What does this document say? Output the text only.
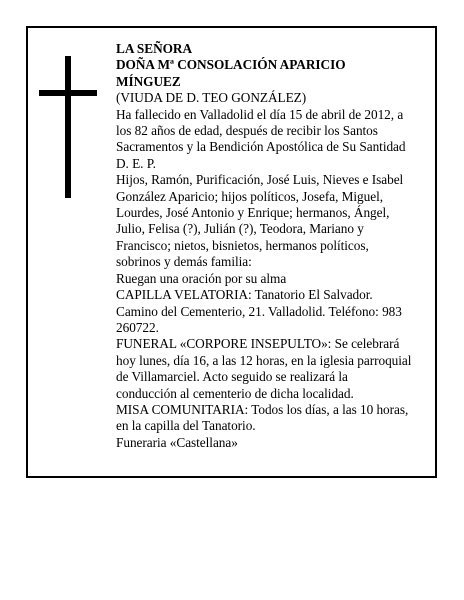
LA SEÑORA
DOÑA Mª CONSOLACIÓN APARICIO
MÍNGUEZ
(VIUDA DE D. TEO GONZÁLEZ)
Ha fallecido en Valladolid el día 15 de abril de 2012, a
los 82 años de edad, después de recibir los Santos
Sacramentos y la Bendición Apostólica de Su Santidad
D. E. P.
Hijos, Ramón, Purificación, José Luis, Nieves e Isabel
González Aparicio; hijos políticos, Josefa, Miguel,
Lourdes, José Antonio y Enrique; hermanos, Ángel,
Julio, Felisa (?), Julián (?), Teodora, Mariano y
Francisco; nietos, bisnietos, hermanos políticos,
sobrinos y demás familia:
Ruegan una oración por su alma
CAPILLA VELATORIA: Tanatorio El Salvador.
Camino del Cementerio, 21. Valladolid. Teléfono: 983
260722.
FUNERAL «CORPORE INSEPULTO»: Se celebrará
hoy lunes, día 16, a las 12 horas, en la iglesia parroquial
de Villamarciel. Acto seguido se realizará la
conducción al cementerio de dicha localidad.
MISA COMUNITARIA: Todos los días, a las 10 horas,
en la capilla del Tanatorio.
Funeraria «Castellana»
